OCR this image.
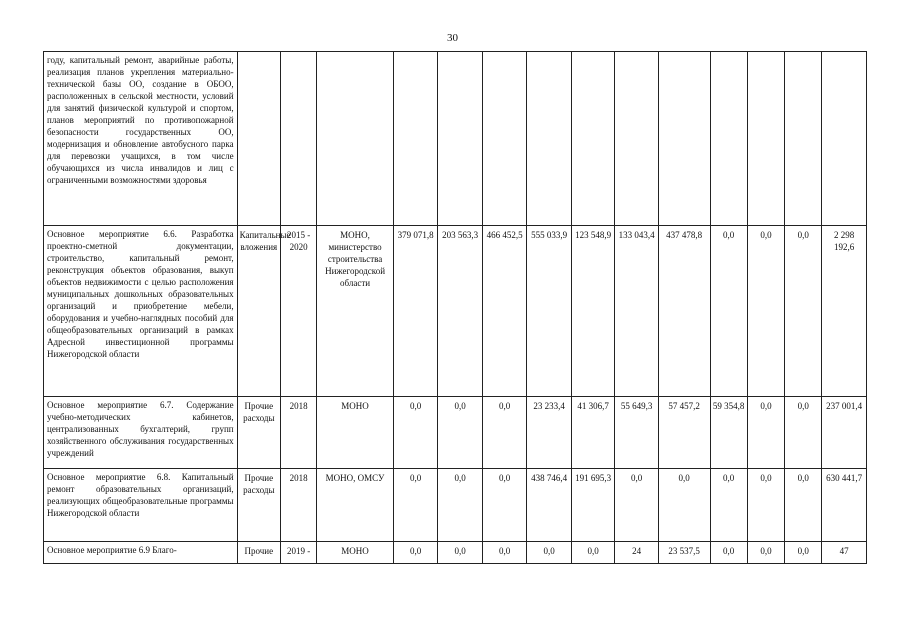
30
году, капитальный ремонт, аварийные работы, реализация планов укрепления материально-технической базы ОО, создание в ОБОО, расположенных в сельской местности, условий для занятий физической культурой и спортом, планов мероприятий по противопожарной безопасности государственных ОО, модернизация и обновление автобусного парка для перевозки учащихся, в том числе обучающихся из числа инвалидов и лиц с ограниченными возможностями здоровья														
Основное мероприятие 6.6. Разработка проектно-сметной документации, строительство, капитальный ремонт, реконструкция объектов образования, выкуп объектов недвижимости с целью расположения муниципальных дошкольных образовательных организаций и приобретение мебели, оборудования и учебно-наглядных пособий для общеобразовательных организаций в рамках Адресной инвестиционной программы Нижегородской области	Капитальные вложения	2015 - 2020	МОНО, министерство строительства Нижегородской области	379 071,8	203 563,3	466 452,5	555 033,9	123 548,9	133 043,4	437 478,8	0,0	0,0	0,0	2 298 192,6
Основное мероприятие 6.7. Содержание учебно-методических кабинетов, централизованных бухгалтерий, групп хозяйственного обслуживания государственных учреждений	Прочие расходы	2018	МОНО	0,0	0,0	0,0	23 233,4	41 306,7	55 649,3	57 457,2	59 354,8	0,0	0,0	237 001,4
Основное мероприятие 6.8. Капитальный ремонт образовательных организаций, реализующих общеобразовательные программы Нижегородской области	Прочие расходы	2018	МОНО, ОМСУ	0,0	0,0	0,0	438 746,4	191 695,3	0,0	0,0	0,0	0,0	0,0	630 441,7
Основное мероприятие 6.9 Благо-	Прочие	2019 -	МОНО	0,0	0,0	0,0	0,0	0,0	24	23 537,5	0,0	0,0	0,0	47
